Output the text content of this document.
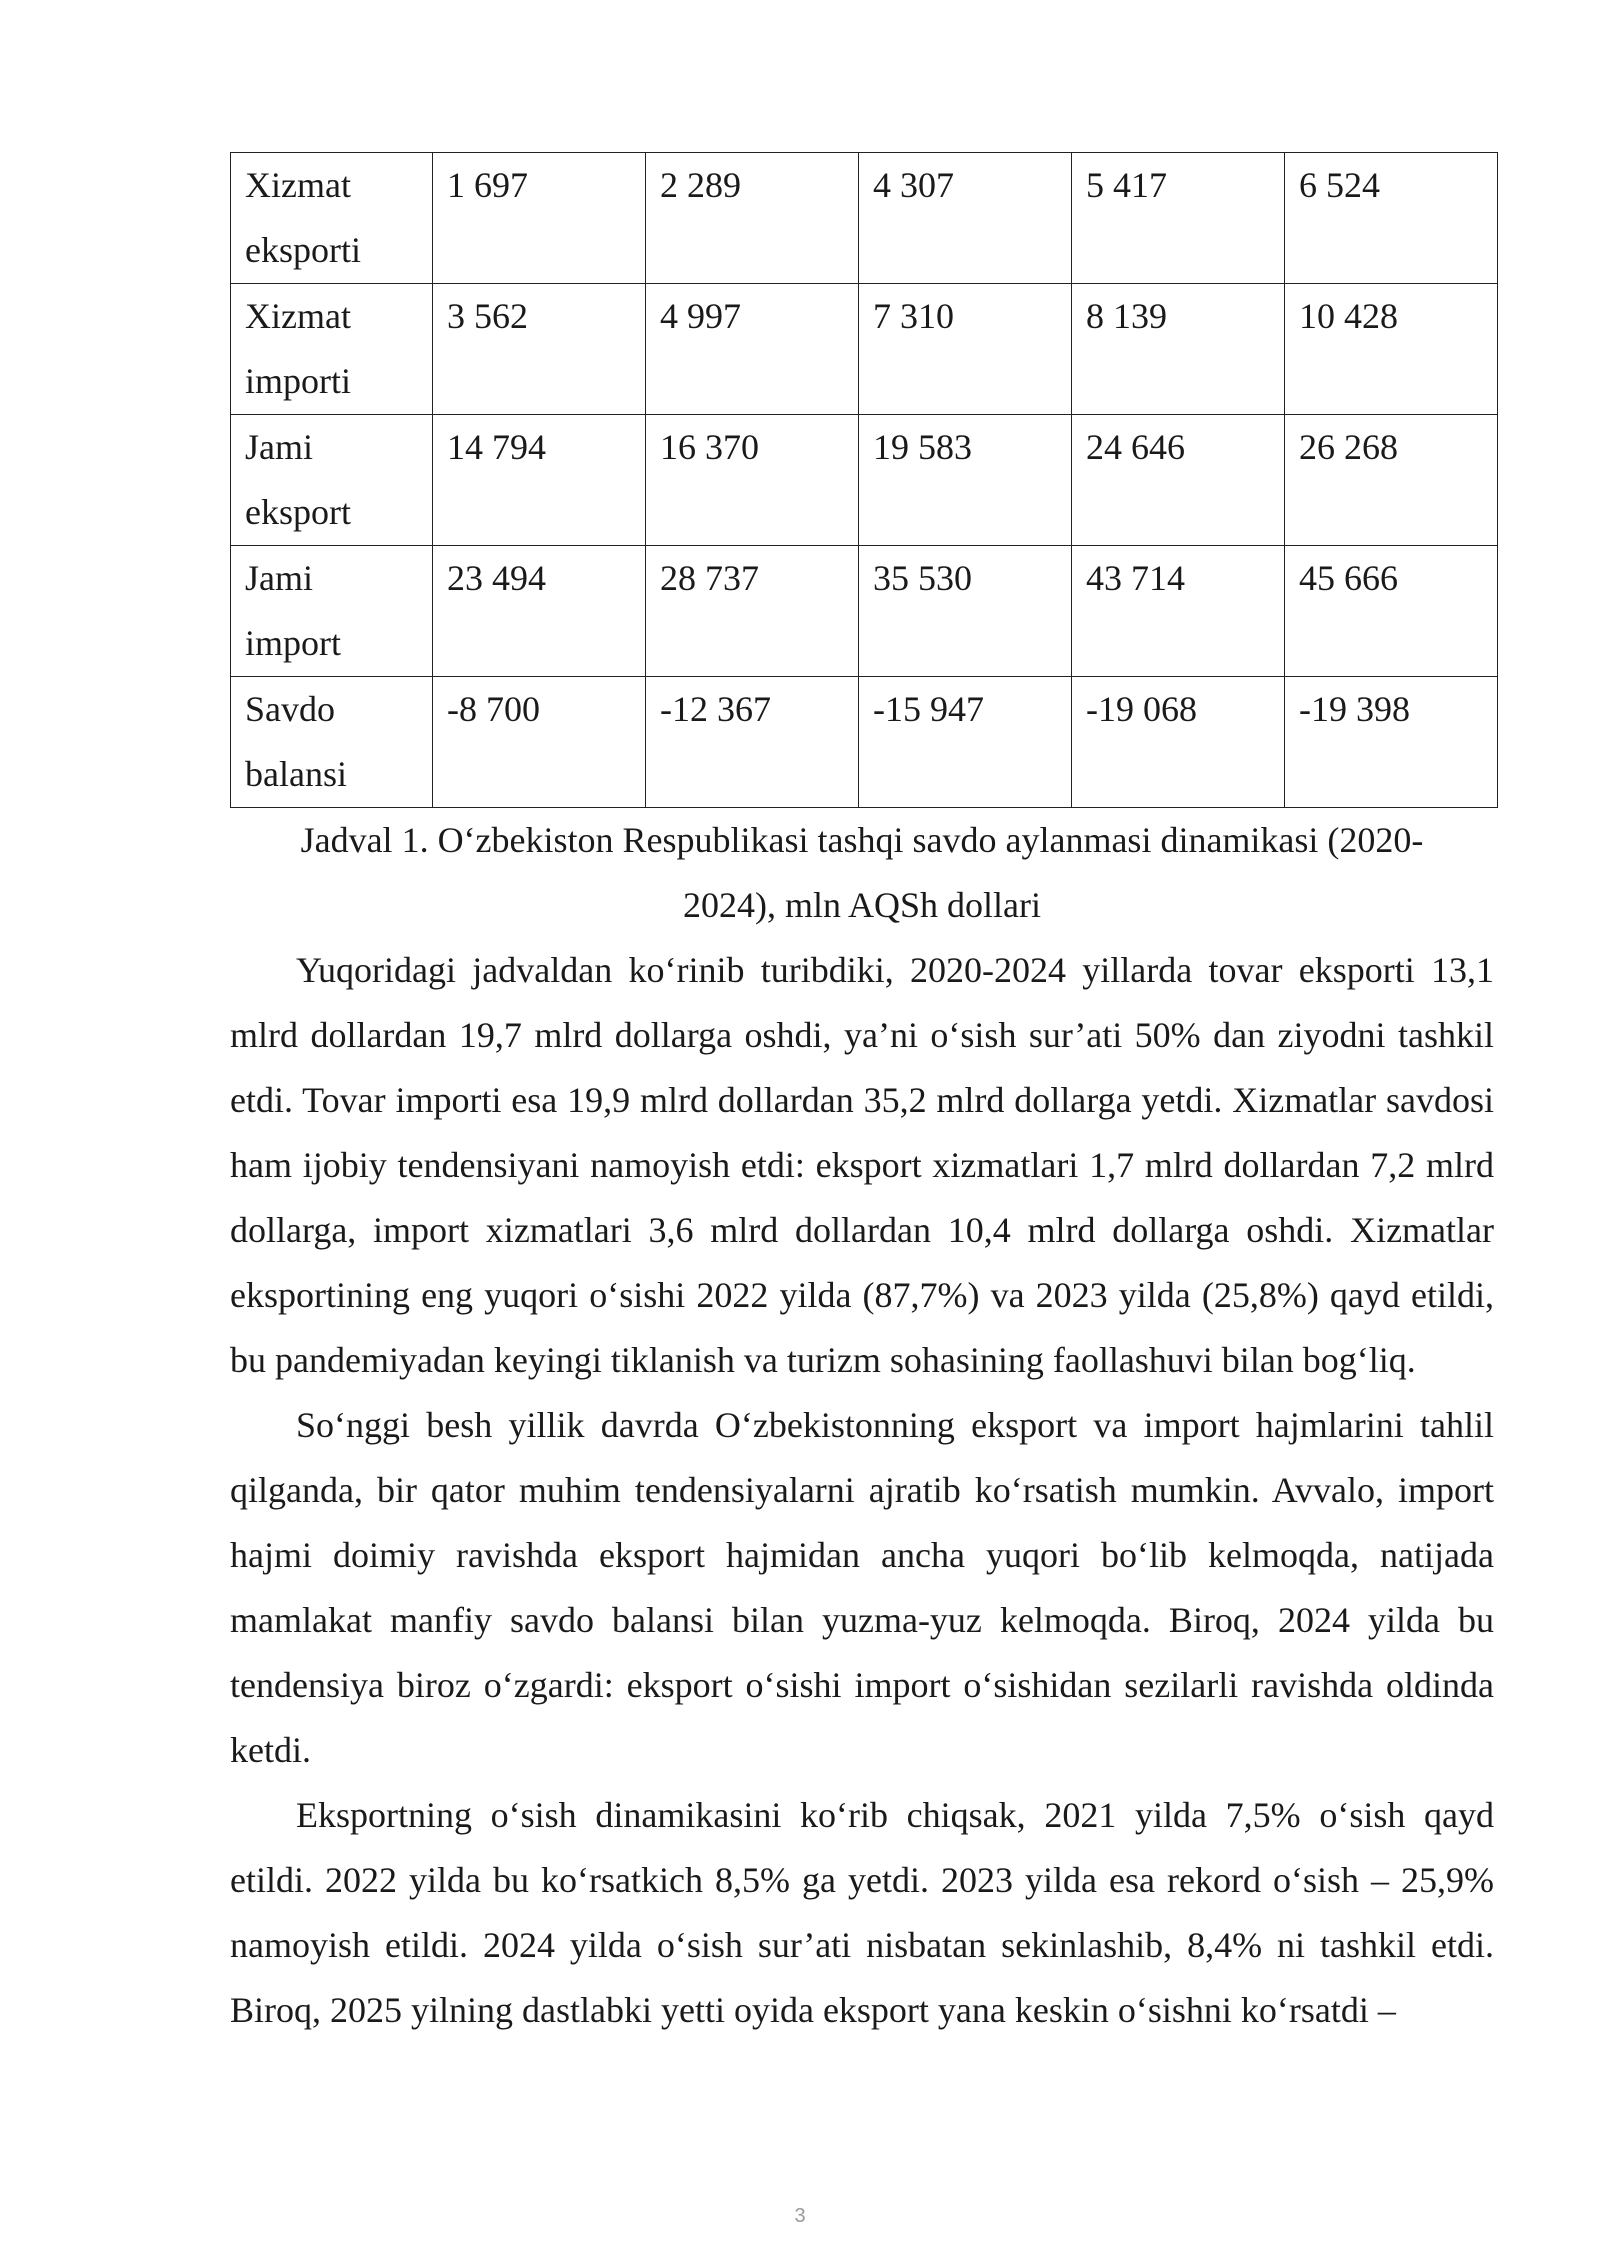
Xizmat
eksporti	1 697	2 289	4 307	5 417	6 524

Xizmat
importi	3 562	4 997	7 310	8 139	10 428

Jami
eksport	14 794	16 370	19 583	24 646	26 268

Jami
import	23 494	28 737	35 530	43 714	45 666

Savdo
balansi	-8 700	-12 367	-15 947	-19 068	-19 398
Jadval 1. O‘zbekiston Respublikasi tashqi savdo aylanmasi dinamikasi (2020-
2024), mln AQSh dollari

Yuqoridagi jadvaldan ko‘rinib turibdiki, 2020-2024 yillarda tovar eksporti 13,1 mlrd dollardan 19,7 mlrd dollarga oshdi, ya’ni o‘sish sur’ati 50% dan ziyodni tashkil etdi. Tovar importi esa 19,9 mlrd dollardan 35,2 mlrd dollarga yetdi. Xizmatlar savdosi ham ijobiy tendensiyani namoyish etdi: eksport xizmatlari 1,7 mlrd dollardan 7,2 mlrd dollarga, import xizmatlari 3,6 mlrd dollardan 10,4 mlrd dollarga oshdi. Xizmatlar eksportining eng yuqori o‘sishi 2022 yilda (87,7%) va 2023 yilda (25,8%) qayd etildi, bu pandemiyadan keyingi tiklanish va turizm sohasining faollashuvi bilan bog‘liq.

So‘nggi besh yillik davrda O‘zbekistonning eksport va import hajmlarini tahlil qilganda, bir qator muhim tendensiyalarni ajratib ko‘rsatish mumkin. Avvalo, import hajmi doimiy ravishda eksport hajmidan ancha yuqori bo‘lib kelmoqda, natijada mamlakat manfiy savdo balansi bilan yuzma-yuz kelmoqda. Biroq, 2024 yilda bu tendensiya biroz o‘zgardi: eksport o‘sishi import o‘sishidan sezilarli ravishda oldinda ketdi.

Eksportning o‘sish dinamikasini ko‘rib chiqsak, 2021 yilda 7,5% o‘sish qayd etildi. 2022 yilda bu ko‘rsatkich 8,5% ga yetdi. 2023 yilda esa rekord o‘sish – 25,9% namoyish etildi. 2024 yilda o‘sish sur’ati nisbatan sekinlashib, 8,4% ni tashkil etdi. Biroq, 2025 yilning dastlabki yetti oyida eksport yana keskin o‘sishni ko‘rsatdi –

3
